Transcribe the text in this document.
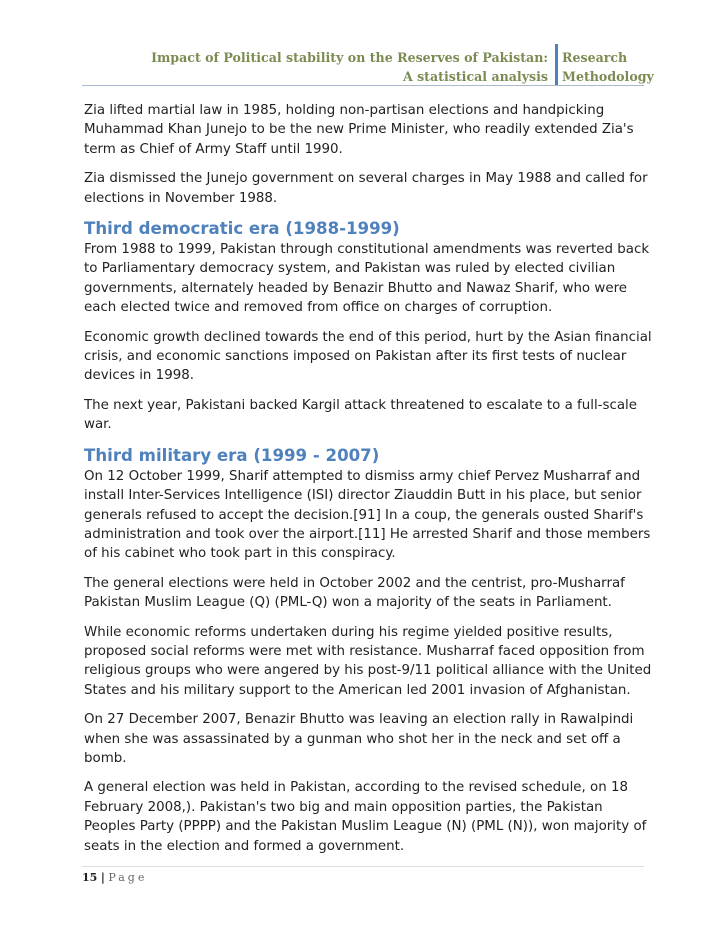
Impact of Political stability on the Reserves of Pakistan:
A statistical analysis
Research
Methodology

Zia lifted martial law in 1985, holding non-partisan elections and handpicking Muhammad Khan Junejo to be the new Prime Minister, who readily extended Zia's term as Chief of Army Staff until 1990.

Zia dismissed the Junejo government on several charges in May 1988 and called for elections in November 1988.

Third democratic era (1988-1999)

From 1988 to 1999, Pakistan through constitutional amendments was reverted back to Parliamentary democracy system, and Pakistan was ruled by elected civilian governments, alternately headed by Benazir Bhutto and Nawaz Sharif, who were each elected twice and removed from office on charges of corruption.

Economic growth declined towards the end of this period, hurt by the Asian financial crisis, and economic sanctions imposed on Pakistan after its first tests of nuclear devices in 1998.

The next year, Pakistani backed Kargil attack threatened to escalate to a full-scale war.

Third military era (1999 - 2007)

On 12 October 1999, Sharif attempted to dismiss army chief Pervez Musharraf and install Inter-Services Intelligence (ISI) director Ziauddin Butt in his place, but senior generals refused to accept the decision.[91] In a coup, the generals ousted Sharif's administration and took over the airport.[11] He arrested Sharif and those members of his cabinet who took part in this conspiracy.

The general elections were held in October 2002 and the centrist, pro-Musharraf Pakistan Muslim League (Q) (PML-Q) won a majority of the seats in Parliament.

While economic reforms undertaken during his regime yielded positive results, proposed social reforms were met with resistance. Musharraf faced opposition from religious groups who were angered by his post-9/11 political alliance with the United States and his military support to the American led 2001 invasion of Afghanistan.

On 27 December 2007, Benazir Bhutto was leaving an election rally in Rawalpindi when she was assassinated by a gunman who shot her in the neck and set off a bomb.

A general election was held in Pakistan, according to the revised schedule, on 18 February 2008,). Pakistan's two big and main opposition parties, the Pakistan Peoples Party (PPPP) and the Pakistan Muslim League (N) (PML (N)), won majority of seats in the election and formed a government.

15 | Page
